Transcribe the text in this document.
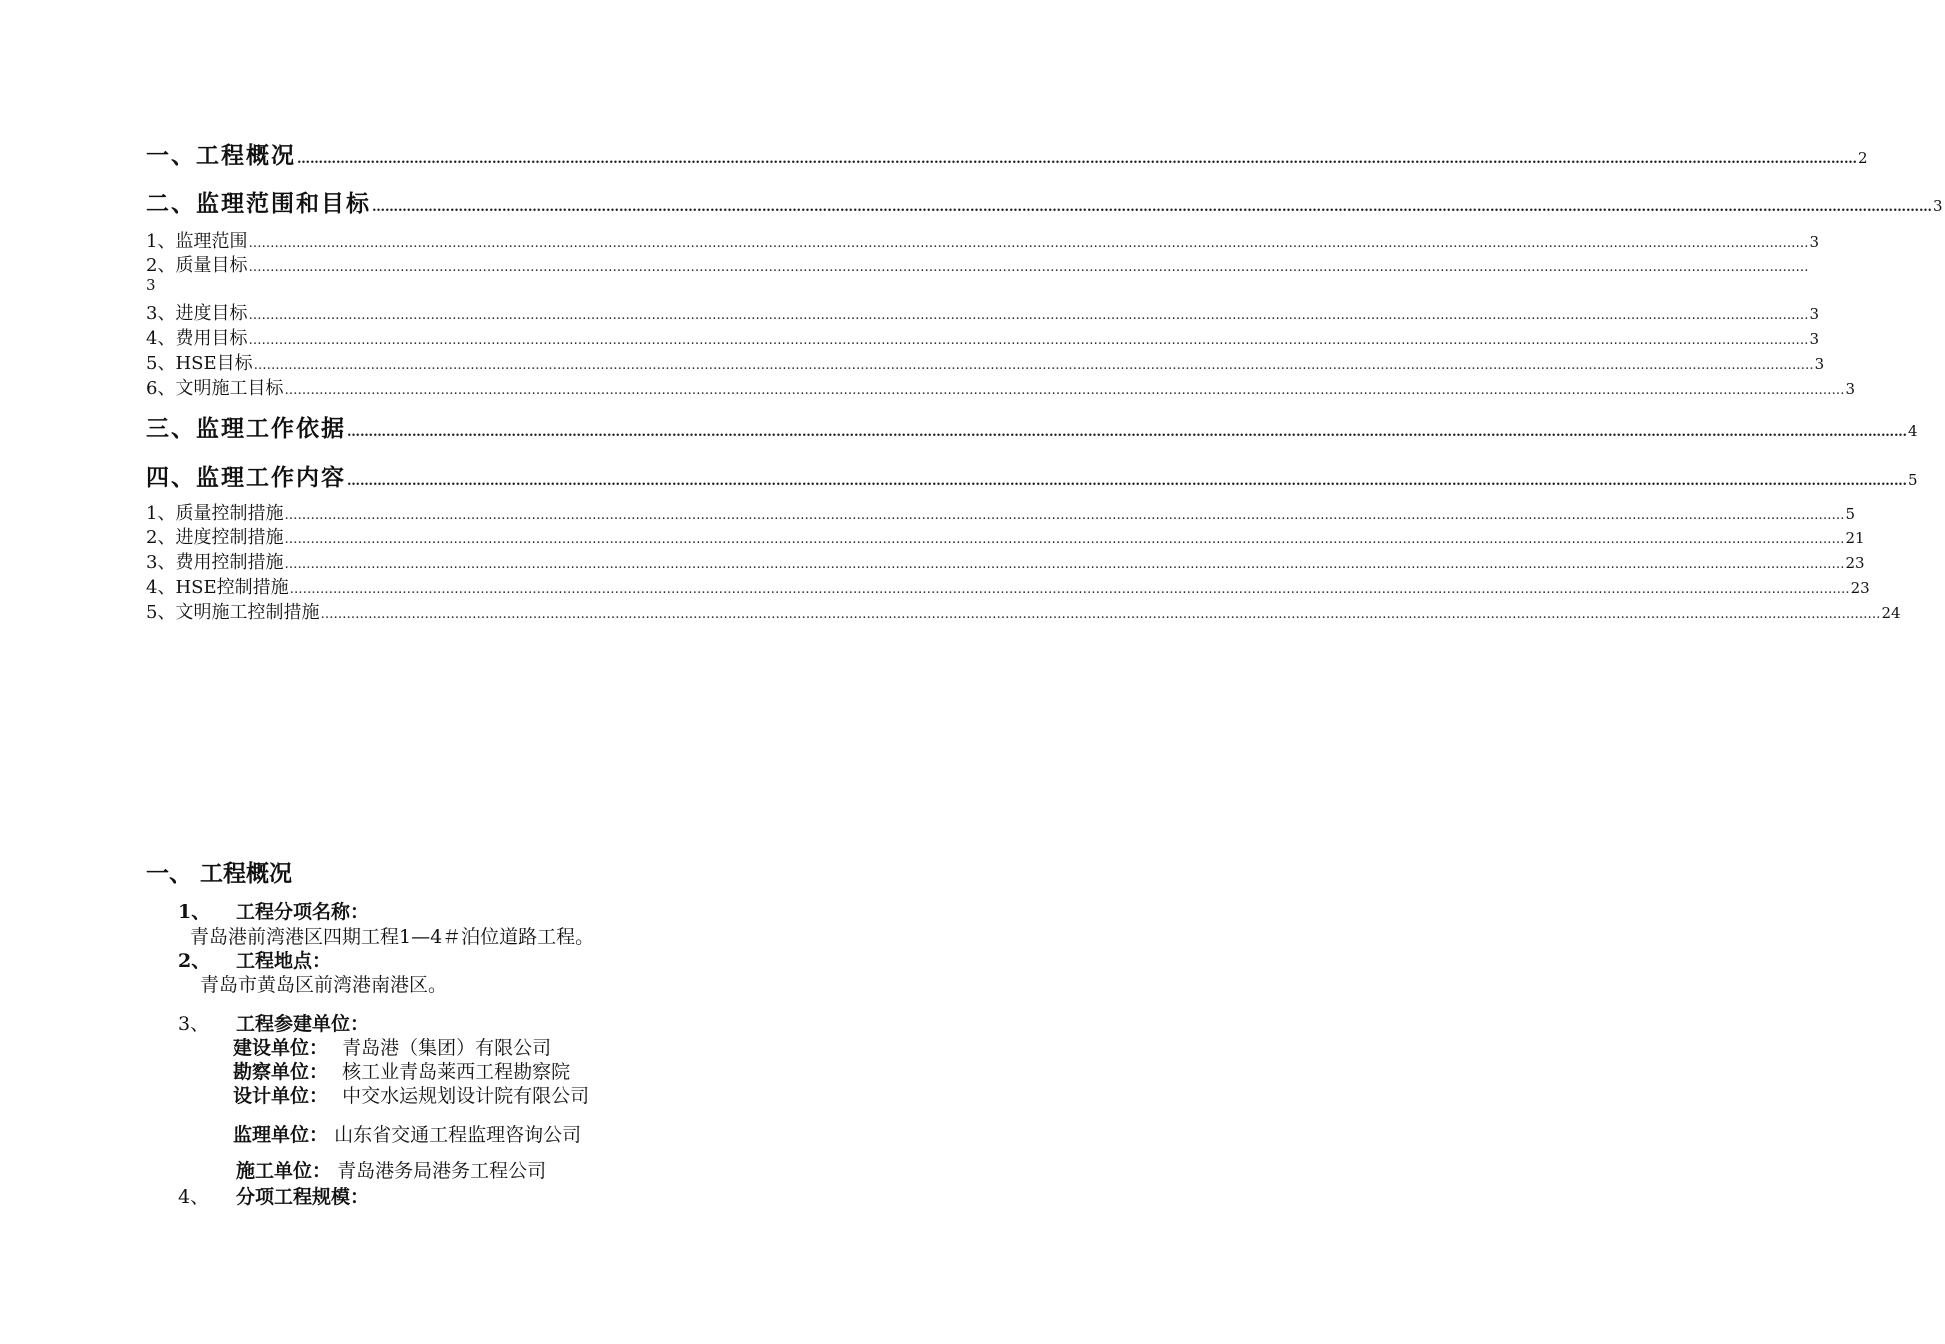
一、工程概况 ……………………………………………………………………………………………………………………………………………………………………………………………………………………………………………………………………………………………………………………………… 2
二、监理范围和目标 ……………………………………………………………………………………………………………………………………………………………………………………………………………………………………………………………………………………………………………………………… 3
1、监理范围 ……………………………………………………………………………………………………………………………………………………………………………………………………………………………………………………………………………………………………………………………… 3
2、质量目标 ………………………………………………………………………………………………………………………………………………………………………………………………………………………………………………………………………………………………………………………………
3
3、进度目标 ……………………………………………………………………………………………………………………………………………………………………………………………………………………………………………………………………………………………………………………………… 3
4、费用目标 ……………………………………………………………………………………………………………………………………………………………………………………………………………………………………………………………………………………………………………………………… 3
5、HSE目标 ……………………………………………………………………………………………………………………………………………………………………………………………………………………………………………………………………………………………………………………………… 3
6、文明施工目标 ……………………………………………………………………………………………………………………………………………………………………………………………………………………………………………………………………………………………………………………………… 3
三、监理工作依据 ……………………………………………………………………………………………………………………………………………………………………………………………………………………………………………………………………………………………………………………………… 4
四、监理工作内容 ……………………………………………………………………………………………………………………………………………………………………………………………………………………………………………………………………………………………………………………………… 5
1、质量控制措施 ……………………………………………………………………………………………………………………………………………………………………………………………………………………………………………………………………………………………………………………………… 5
2、进度控制措施 ……………………………………………………………………………………………………………………………………………………………………………………………………………………………………………………………………………………………………………………………… 21
3、费用控制措施 ……………………………………………………………………………………………………………………………………………………………………………………………………………………………………………………………………………………………………………………………… 23
4、HSE控制措施 ……………………………………………………………………………………………………………………………………………………………………………………………………………………………………………………………………………………………………………………………… 23
5、文明施工控制措施 ……………………………………………………………………………………………………………………………………………………………………………………………………………………………………………………………………………………………………………………………… 24
一、 工程概况
1、 工程分项名称：
青岛港前湾港区四期工程1—4＃泊位道路工程。
2、 工程地点：
青岛市黄岛区前湾港南港区。
3、 工程参建单位：
建设单位： 青岛港（集团）有限公司
勘察单位： 核工业青岛莱西工程勘察院
设计单位： 中交水运规划设计院有限公司
监理单位： 山东省交通工程监理咨询公司
施工单位： 青岛港务局港务工程公司
4、 分项工程规模：
